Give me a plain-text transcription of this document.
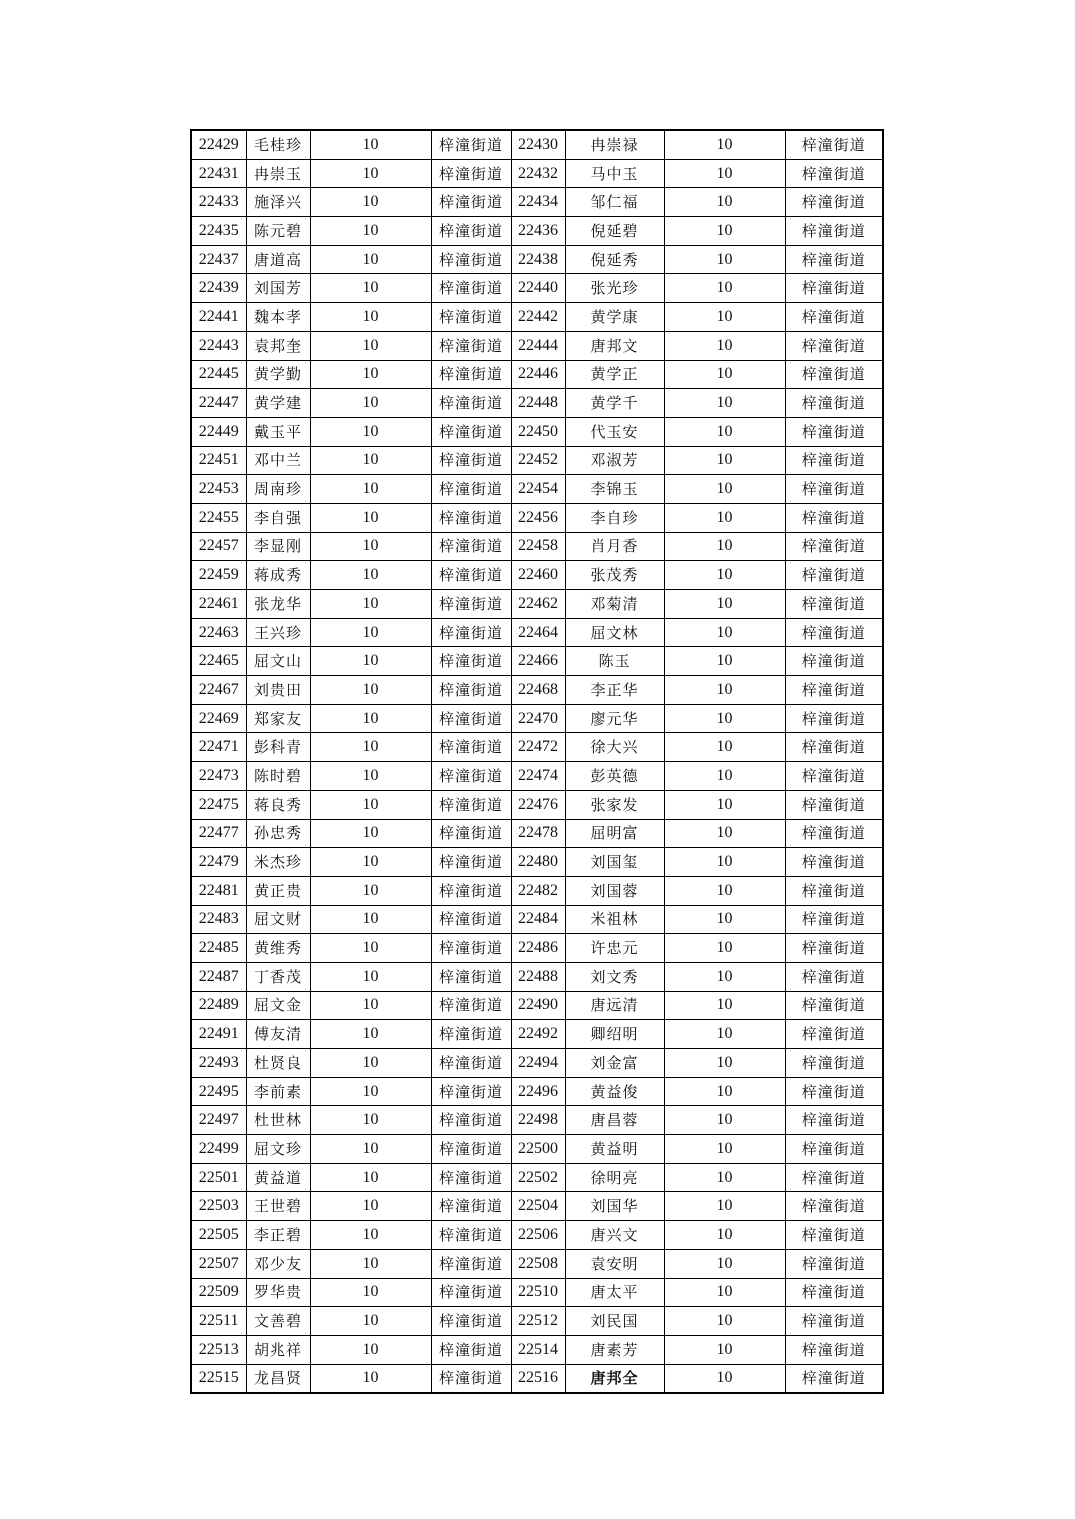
22429	毛桂珍	10	梓潼街道	22430	冉崇禄	10	梓潼街道
22431	冉崇玉	10	梓潼街道	22432	马中玉	10	梓潼街道
22433	施泽兴	10	梓潼街道	22434	邹仁福	10	梓潼街道
22435	陈元碧	10	梓潼街道	22436	倪延碧	10	梓潼街道
22437	唐道高	10	梓潼街道	22438	倪延秀	10	梓潼街道
22439	刘国芳	10	梓潼街道	22440	张光珍	10	梓潼街道
22441	魏本孝	10	梓潼街道	22442	黄学康	10	梓潼街道
22443	袁邦奎	10	梓潼街道	22444	唐邦文	10	梓潼街道
22445	黄学勤	10	梓潼街道	22446	黄学正	10	梓潼街道
22447	黄学建	10	梓潼街道	22448	黄学千	10	梓潼街道
22449	戴玉平	10	梓潼街道	22450	代玉安	10	梓潼街道
22451	邓中兰	10	梓潼街道	22452	邓淑芳	10	梓潼街道
22453	周南珍	10	梓潼街道	22454	李锦玉	10	梓潼街道
22455	李自强	10	梓潼街道	22456	李自珍	10	梓潼街道
22457	李显刚	10	梓潼街道	22458	肖月香	10	梓潼街道
22459	蒋成秀	10	梓潼街道	22460	张茂秀	10	梓潼街道
22461	张龙华	10	梓潼街道	22462	邓菊清	10	梓潼街道
22463	王兴珍	10	梓潼街道	22464	屈文林	10	梓潼街道
22465	屈文山	10	梓潼街道	22466	陈玉	10	梓潼街道
22467	刘贵田	10	梓潼街道	22468	李正华	10	梓潼街道
22469	郑家友	10	梓潼街道	22470	廖元华	10	梓潼街道
22471	彭科青	10	梓潼街道	22472	徐大兴	10	梓潼街道
22473	陈时碧	10	梓潼街道	22474	彭英德	10	梓潼街道
22475	蒋良秀	10	梓潼街道	22476	张家发	10	梓潼街道
22477	孙忠秀	10	梓潼街道	22478	屈明富	10	梓潼街道
22479	米杰珍	10	梓潼街道	22480	刘国玺	10	梓潼街道
22481	黄正贵	10	梓潼街道	22482	刘国蓉	10	梓潼街道
22483	屈文财	10	梓潼街道	22484	米祖林	10	梓潼街道
22485	黄维秀	10	梓潼街道	22486	许忠元	10	梓潼街道
22487	丁香茂	10	梓潼街道	22488	刘文秀	10	梓潼街道
22489	屈文金	10	梓潼街道	22490	唐远清	10	梓潼街道
22491	傅友清	10	梓潼街道	22492	卿绍明	10	梓潼街道
22493	杜贤良	10	梓潼街道	22494	刘金富	10	梓潼街道
22495	李前素	10	梓潼街道	22496	黄益俊	10	梓潼街道
22497	杜世林	10	梓潼街道	22498	唐昌蓉	10	梓潼街道
22499	屈文珍	10	梓潼街道	22500	黄益明	10	梓潼街道
22501	黄益道	10	梓潼街道	22502	徐明亮	10	梓潼街道
22503	王世碧	10	梓潼街道	22504	刘国华	10	梓潼街道
22505	李正碧	10	梓潼街道	22506	唐兴文	10	梓潼街道
22507	邓少友	10	梓潼街道	22508	袁安明	10	梓潼街道
22509	罗华贵	10	梓潼街道	22510	唐太平	10	梓潼街道
22511	文善碧	10	梓潼街道	22512	刘民国	10	梓潼街道
22513	胡兆祥	10	梓潼街道	22514	唐素芳	10	梓潼街道
22515	龙昌贤	10	梓潼街道	22516	唐邦全	10	梓潼街道
